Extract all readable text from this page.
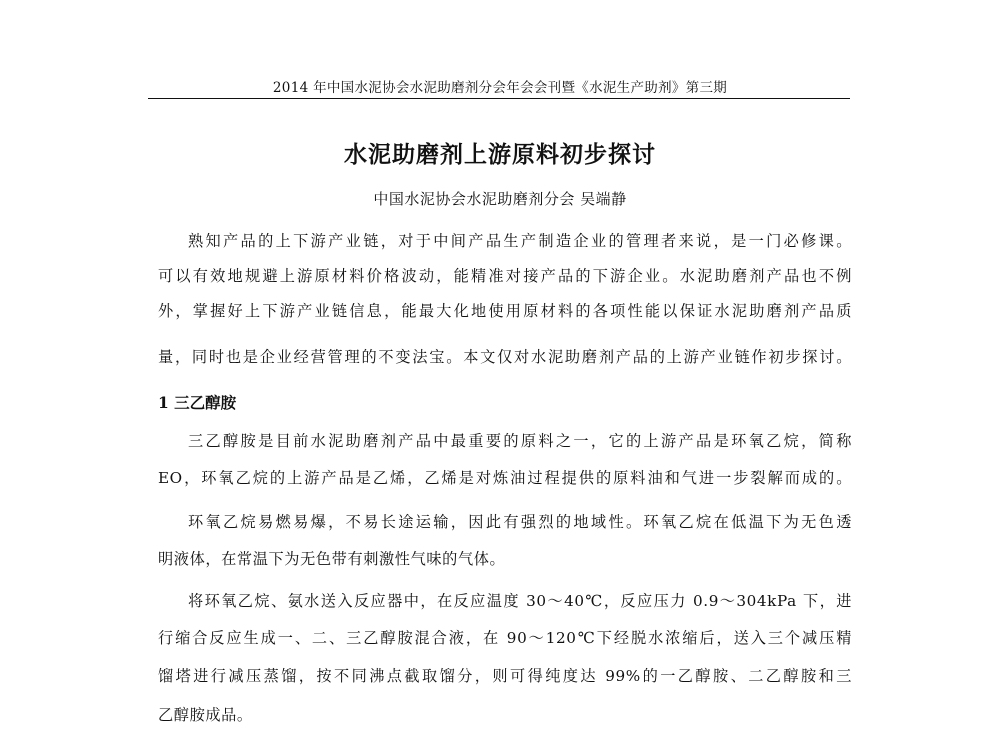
2014 年中国水泥协会水泥助磨剂分会年会会刊暨《水泥生产助剂》第三期
水泥助磨剂上游原料初步探讨
中国水泥协会水泥助磨剂分会 吴端静
熟知产品的上下游产业链，对于中间产品生产制造企业的管理者来说，是一门必修课。
可以有效地规避上游原材料价格波动，能精准对接产品的下游企业。水泥助磨剂产品也不例
外，掌握好上下游产业链信息，能最大化地使用原材料的各项性能以保证水泥助磨剂产品质
量，同时也是企业经营管理的不变法宝。本文仅对水泥助磨剂产品的上游产业链作初步探讨。
1 三乙醇胺
三乙醇胺是目前水泥助磨剂产品中最重要的原料之一，它的上游产品是环氧乙烷，简称
EO，环氧乙烷的上游产品是乙烯，乙烯是对炼油过程提供的原料油和气进一步裂解而成的。
环氧乙烷易燃易爆，不易长途运输，因此有强烈的地域性。环氧乙烷在低温下为无色透
明液体，在常温下为无色带有刺激性气味的气体。
将环氧乙烷、氨水送入反应器中，在反应温度 30～40℃，反应压力 0.9～304kPa 下，进
行缩合反应生成一、二、三乙醇胺混合液，在 90～120℃下经脱水浓缩后，送入三个减压精
馏塔进行减压蒸馏，按不同沸点截取馏分，则可得纯度达 99%的一乙醇胺、二乙醇胺和三
乙醇胺成品。
